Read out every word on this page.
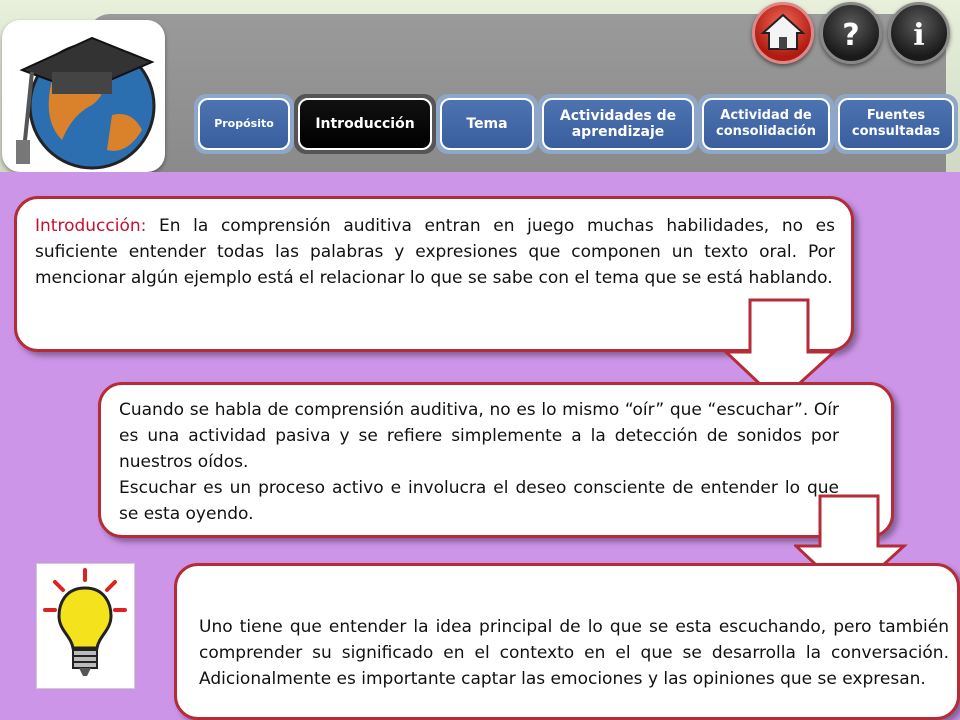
? i
Propósito	Introducción	Tema	Actividades de aprendizaje
Actividad de consolidación
Fuentes consultadas
Introducción: En la comprensión auditiva entran en juego muchas habilidades, no es suficiente entender todas las palabras y expresiones que componen un texto oral. Por mencionar algún ejemplo está el relacionar lo que se sabe con el tema que se está hablando.
Cuando se habla de comprensión auditiva, no es lo mismo “oír” que “escuchar”. Oír es una actividad pasiva y se refiere simplemente a la detección de sonidos por nuestros oídos.
Escuchar es un proceso activo e involucra el deseo consciente de entender lo que se esta oyendo.
Uno tiene que entender la idea principal de lo que se esta escuchando, pero también comprender su significado en el contexto en el que se desarrolla la conversación. Adicionalmente es importante captar las emociones y las opiniones que se expresan.
